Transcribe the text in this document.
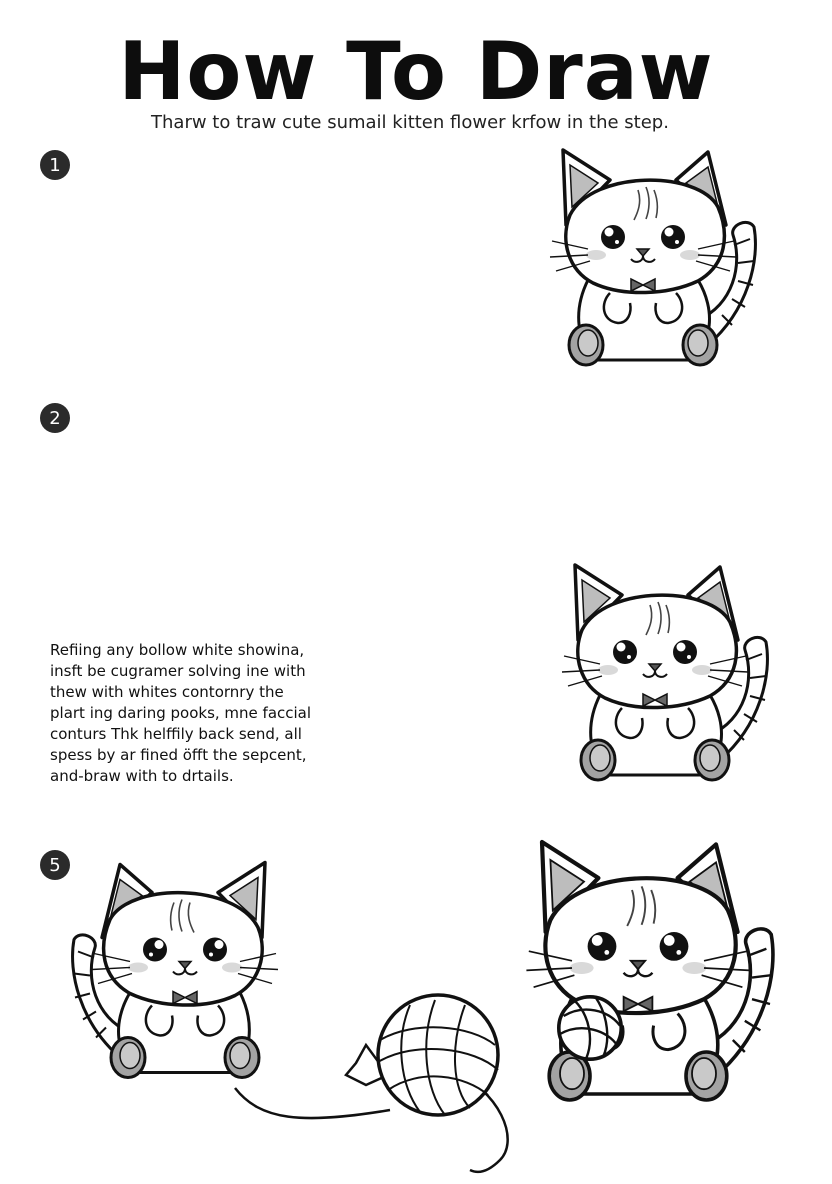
How To Draw
Tharw to traw cute sumail kitten flower krfow in the step.
1
2
5
Refiing any bollow white showina,
insft be cugramer solving ine with
thew with whites contornry the
plart ing daring pooks, mne faccial
conturs Thk helffily back send, all
spess by ar fined öfft the sepcent,
and-braw with to drtails.
